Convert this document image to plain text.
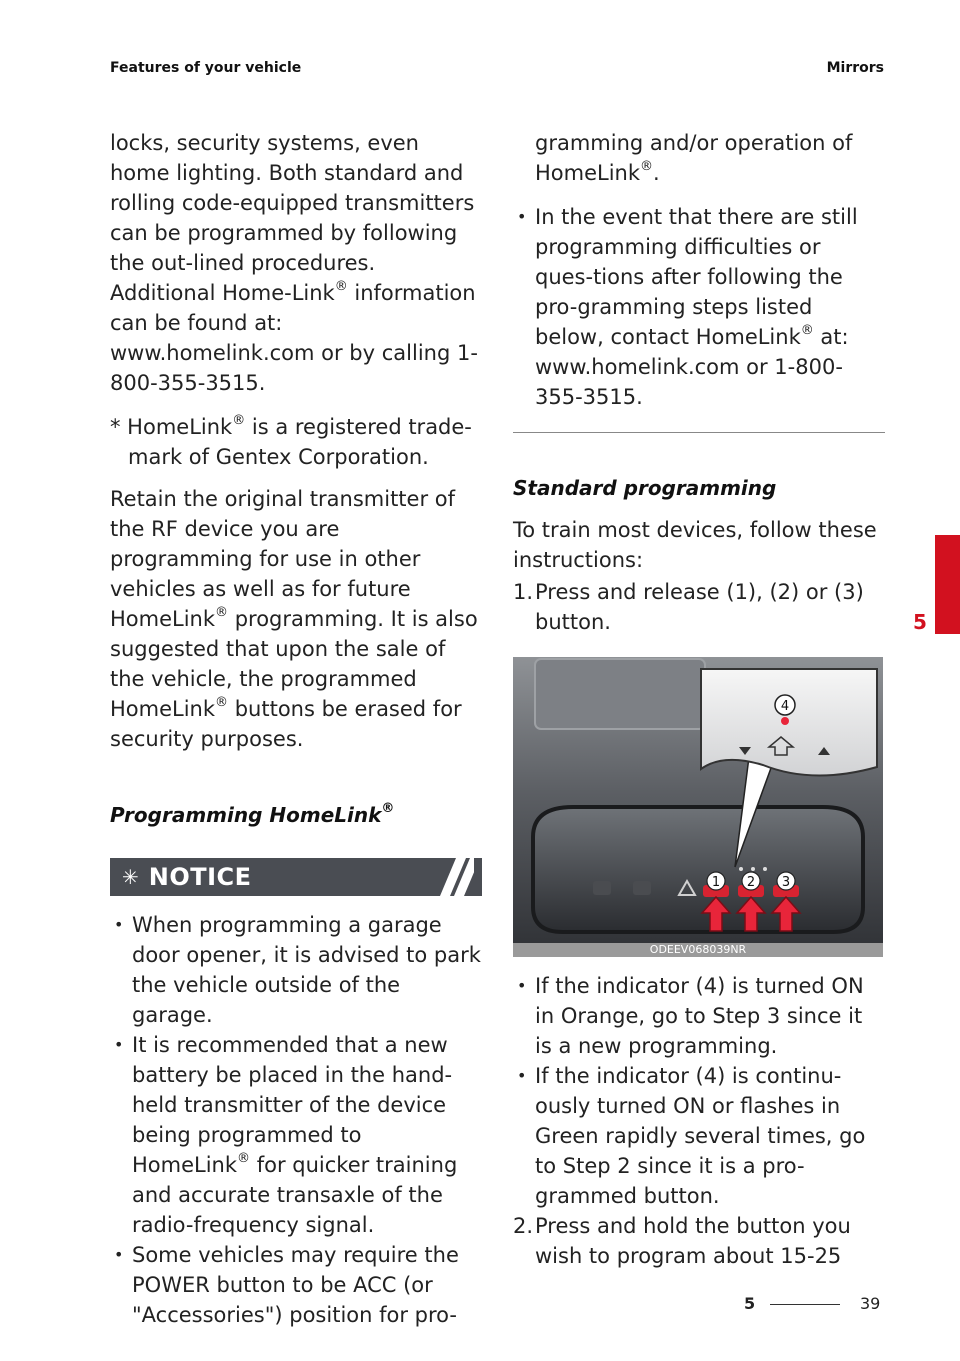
Features of your vehicle	Mirrors

locks, security systems, even home lighting. Both standard and rolling code-equipped transmitters can be programmed by following the out-lined procedures. Additional Home-Link® information can be found at: www.homelink.com or by calling 1-800-355-3515.

* HomeLink® is a registered trade-mark of Gentex Corporation.

Retain the original transmitter of the RF device you are programming for use in other vehicles as well as for future HomeLink® programming. It is also suggested that upon the sale of the vehicle, the programmed HomeLink® buttons be erased for security purposes.

Programming HomeLink®

✳ NOTICE
• When programming a garage door opener, it is advised to park the vehicle outside of the garage.
• It is recommended that a new battery be placed in the hand-held transmitter of the device being programmed to HomeLink® for quicker training and accurate transaxle of the radio-frequency signal.
• Some vehicles may require the POWER button to be ACC (or "Accessories") position for pro-

gramming and/or operation of HomeLink®.

• In the event that there are still programming difficulties or ques-tions after following the pro-gramming steps listed below, contact HomeLink® at: www.homelink.com or 1-800-355-3515.

Standard programming

To train most devices, follow these instructions:

1. Press and release (1), (2) or (3) button.
4
1 2 3
ODEEV068039NR
• If the indicator (4) is turned ON in Orange, go to Step 3 since it is a new programming.
• If the indicator (4) is continu-ously turned ON or flashes in Green rapidly several times, go to Step 2 since it is a pro-grammed button.
2. Press and hold the button you wish to program about 15-25
5
5	39
